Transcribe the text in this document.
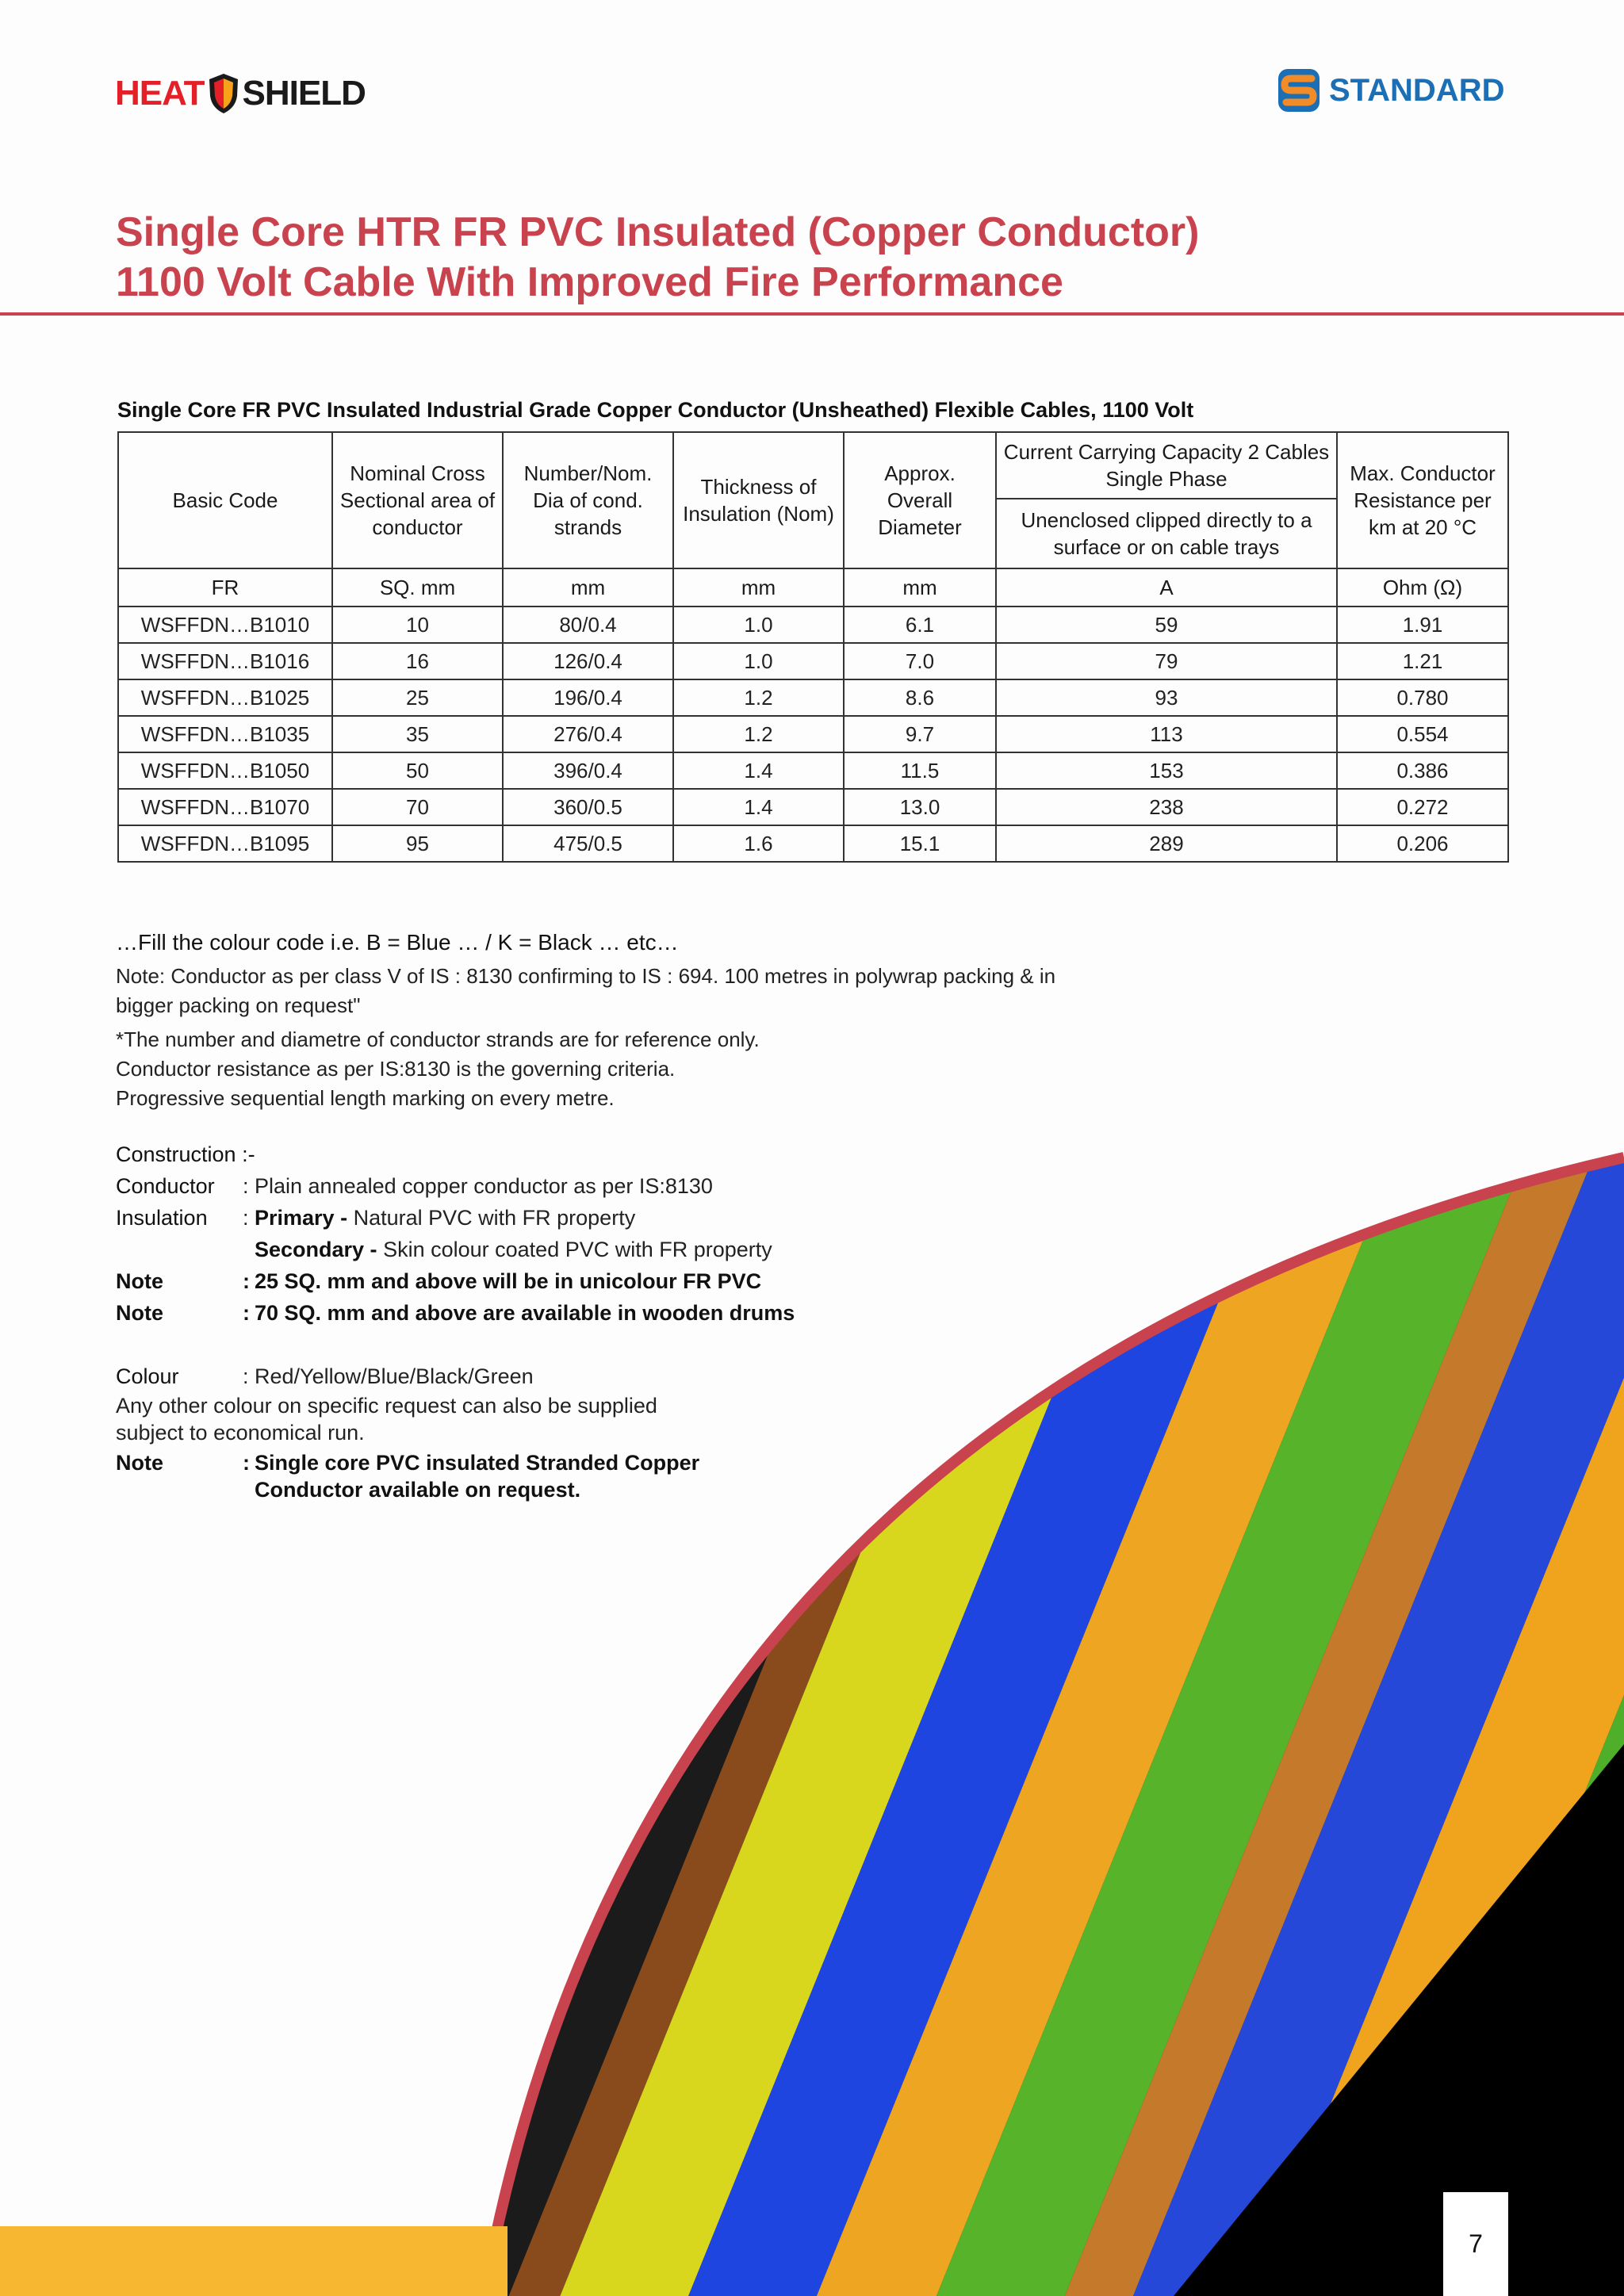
HEAT SHIELD	STANDARD
Single Core HTR FR PVC Insulated (Copper Conductor)
1100 Volt Cable With Improved Fire Performance
Single Core FR PVC Insulated Industrial Grade Copper Conductor (Unsheathed) Flexible Cables, 1100 Volt
Basic Code	Nominal Cross Sectional area of conductor	Number/Nom. Dia of cond. strands	Thickness of Insulation (Nom)	Approx. Overall Diameter	Current Carrying Capacity 2 Cables Single Phase	Max. Conductor Resistance per km at 20 °C
					Unenclosed clipped directly to a surface or on cable trays	
FR	SQ. mm	mm	mm	mm	A	Ohm (Ω)
WSFFDN…B1010	10	80/0.4	1.0	6.1	59	1.91
WSFFDN…B1016	16	126/0.4	1.0	7.0	79	1.21
WSFFDN…B1025	25	196/0.4	1.2	8.6	93	0.780
WSFFDN…B1035	35	276/0.4	1.2	9.7	113	0.554
WSFFDN…B1050	50	396/0.4	1.4	11.5	153	0.386
WSFFDN…B1070	70	360/0.5	1.4	13.0	238	0.272
WSFFDN…B1095	95	475/0.5	1.6	15.1	289	0.206

…Fill the colour code i.e. B = Blue … / K = Black … etc…

Note: Conductor as per class V of IS : 8130 confirming to IS : 694. 100 metres in polywrap packing & in

bigger packing on request"

*The number and diametre of conductor strands are for reference only.

Conductor resistance as per IS:8130 is the governing criteria.

Progressive sequential length marking on every metre.

Construction :-
Conductor	: Plain annealed copper conductor as per IS:8130
Insulation	: Primary - Natural PVC with FR property
Secondary - Skin colour coated PVC with FR property
Note	: 25 SQ. mm and above will be in unicolour FR PVC
Note	: 70 SQ. mm and above are available in wooden drums
Colour	: Red/Yellow/Blue/Black/Green
Any other colour on specific request can also be supplied
subject to economical run.
Note	: Single core PVC insulated Stranded Copper
Conductor available on request.
7
